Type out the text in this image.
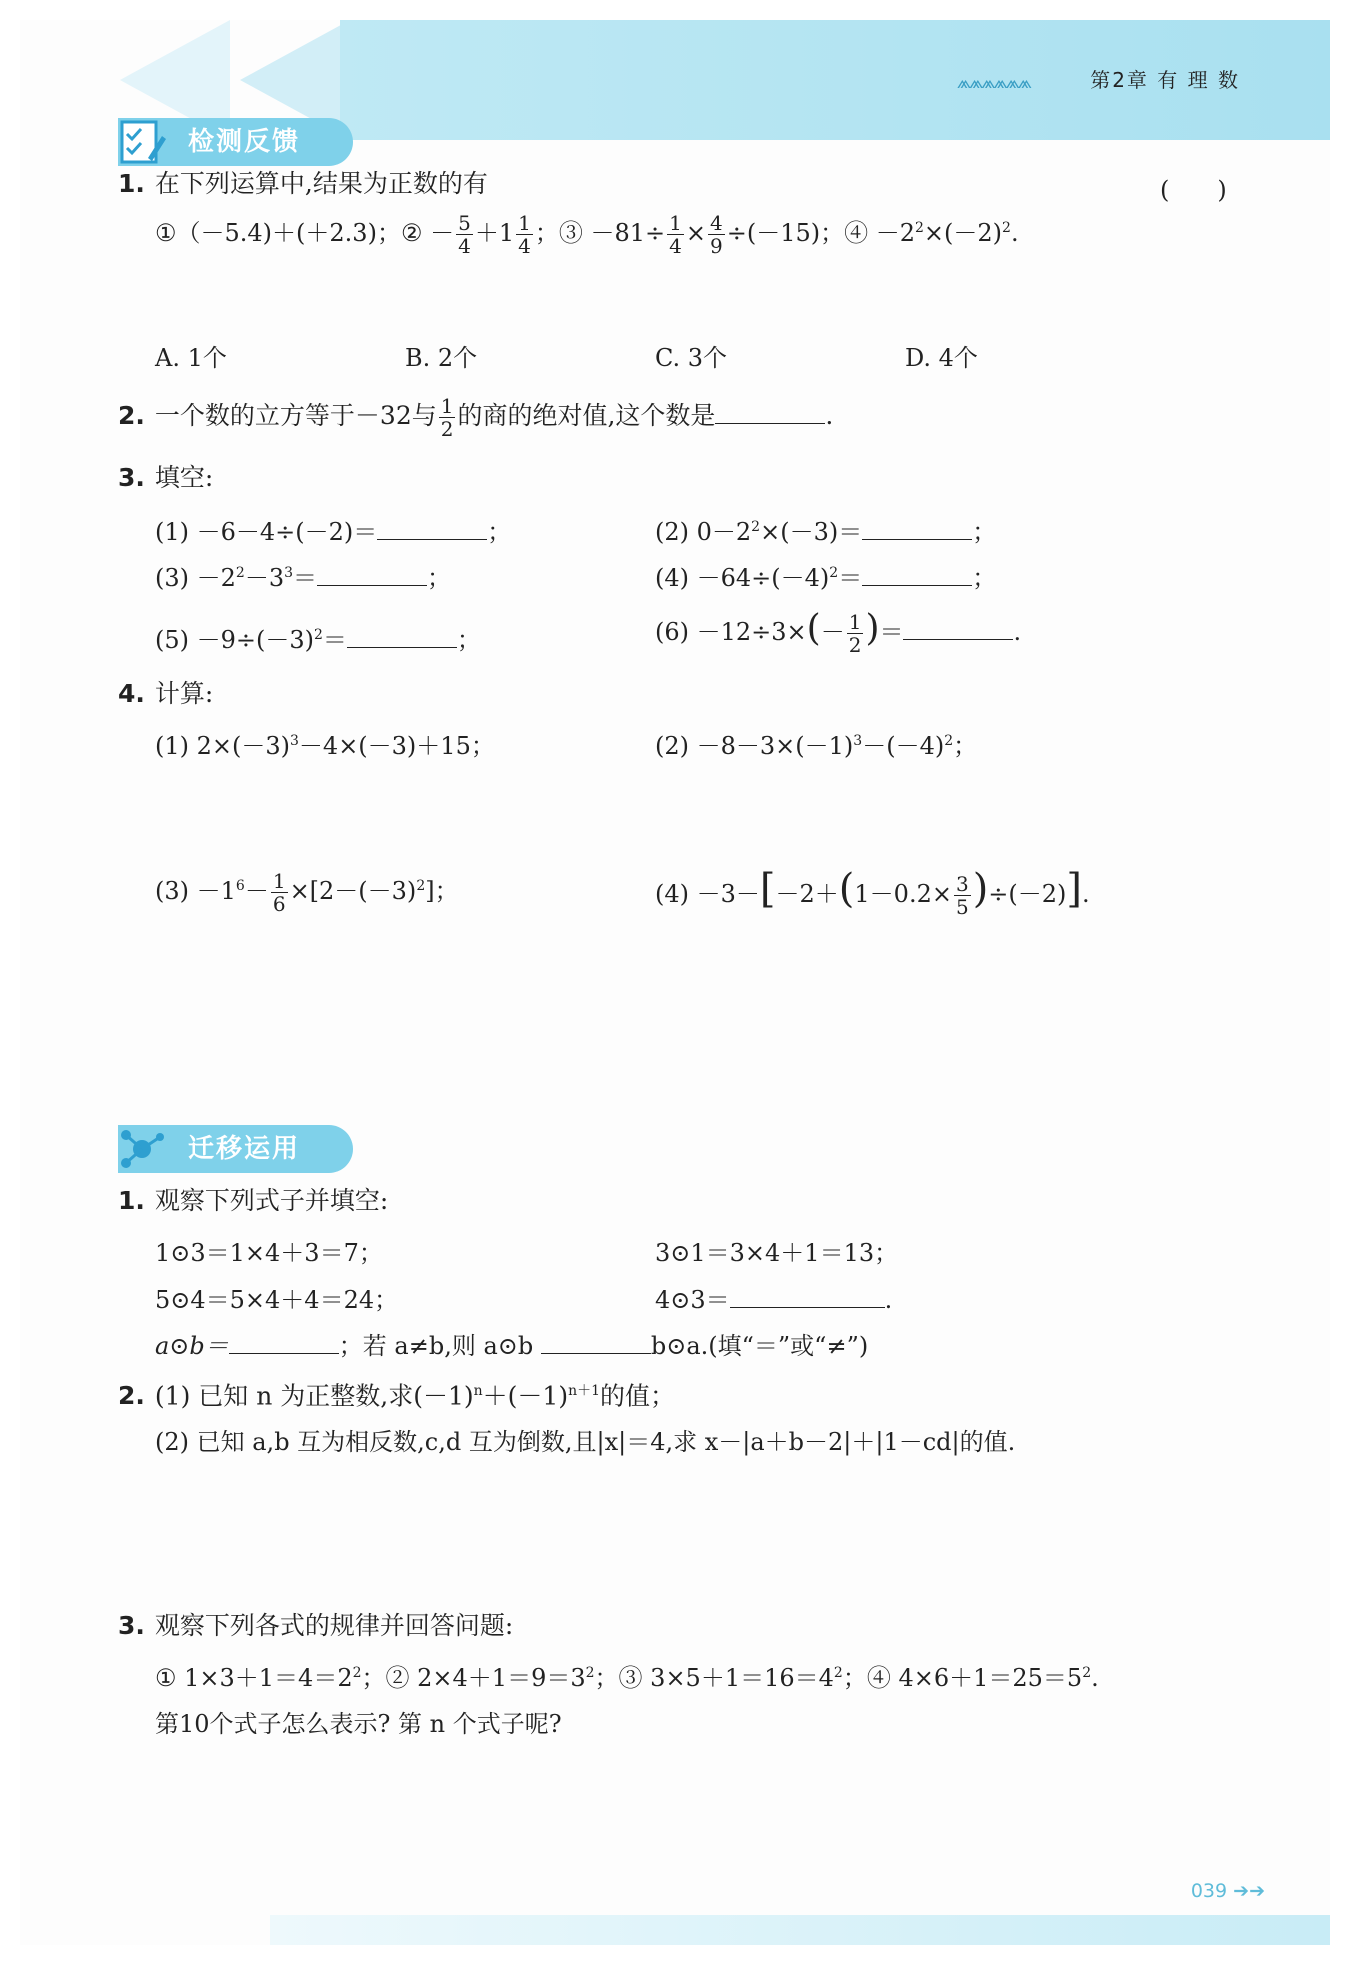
⩕⩕⩕⩕⩕⩕	第2章 有 理 数
检测反馈
1. 在下列运算中,结果为正数的有	(　　)
①（－5.4)＋(＋2.3)；② － $\frac{5}{4} +1 \frac{1}{4}$ ；③ $-81\div \frac{1}{4} \times \frac{4}{9} \div(-15)$；④ $-2^2\times(-2)^2$.
A. 1个	B. 2个	C. 3个	D. 4个
2. 一个数的立方等于－32与 $\frac{1}{2}$ 的商的绝对值,这个数是	.
3. 填空:
(1) －6－4÷(－2)＝	；	(2) $0-2^2\times(-3)=$	；
$(3) -2^2-3^3=$	；	$(4) -64\div(-4)^2=$	；
$(5) -9\div(-3)^2=$	；	$(6) -12\div 3\times(- \frac{1}{2}$ )＝	.
4. 计算:
(1) $2\times(-3)^3-4\times(-3)+15$；	$(2) -8-3\times(-1)^3-(-4)^2$；
$(3) -1^6- \frac{1}{6} \times[2-(-3)^2]$；	$(4) -3-[-2+(1-0.2\times \frac{3}{5} )\div(-2)]$.
迁移运用
1. 观察下列式子并填空:
1⊙3＝1×4＋3＝7；	3⊙1＝3×4＋1＝13；
5⊙4＝5×4＋4＝24；	4⊙3＝	.
a⊙b＝	；若 a≠b,则 a⊙b	b⊙a.(填“＝”或“≠”)
2. (1) 已知 n 为正整数,求$(-1)^n+(-1)^{n+1}$的值；
(2) 已知 a,b 互为相反数,c,d 互为倒数,且|x|＝4,求 x－|a＋b－2|＋|1－cd|的值.
3. 观察下列各式的规律并回答问题:
① $1\times 3+1=4=2^2$；② $2\times 4+1=9=3^2$；③ $3\times 5+1=16=4^2$；④ $4\times 6+1=25=5^2$.
第10个式子怎么表示? 第 n 个式子呢?
039 ➔➔
